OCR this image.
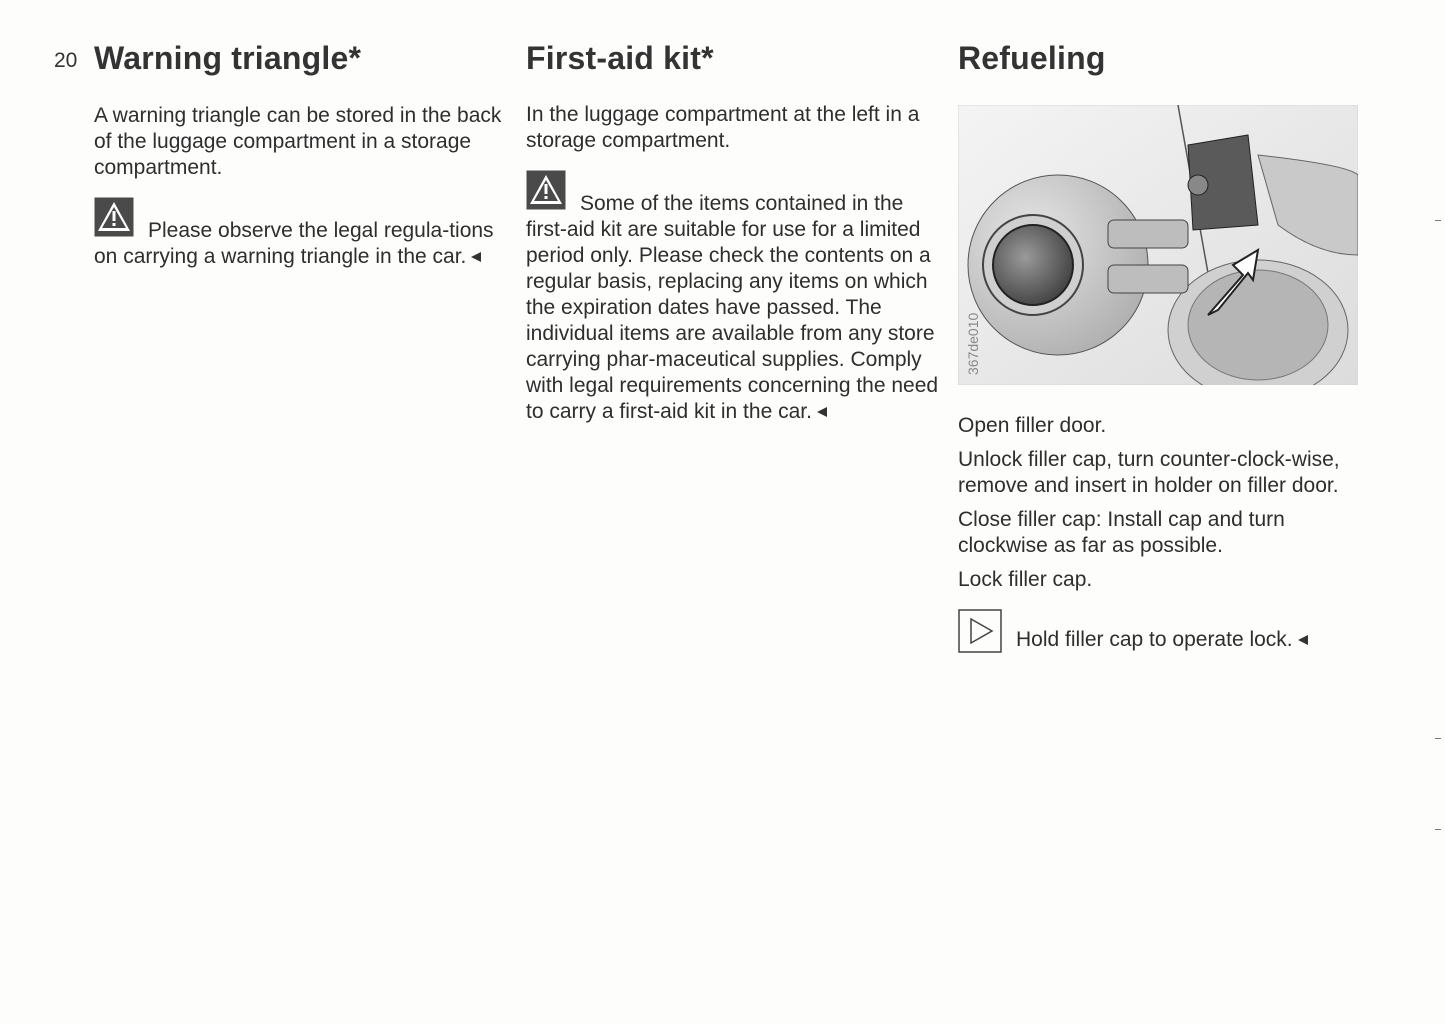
20 Warning triangle*

A warning triangle can be stored in the back of the luggage compartment in a storage compartment.

Please observe the legal regula-tions on carrying a warning triangle in the car.

First-aid kit*

In the luggage compartment at the left in a storage compartment.

Some of the items contained in the first-aid kit are suitable for use for a limited period only. Please check the contents on a regular basis, replacing any items on which the expiration dates have passed. The individual items are available from any store carrying phar-maceutical supplies. Comply with legal requirements concerning the need to carry a first-aid kit in the car.

Refueling
367de010

Open filler door.

Unlock filler cap, turn counter-clock-wise, remove and insert in holder on filler door.

Close filler cap: Install cap and turn clockwise as far as possible.

Lock filler cap.

Hold filler cap to operate lock.
